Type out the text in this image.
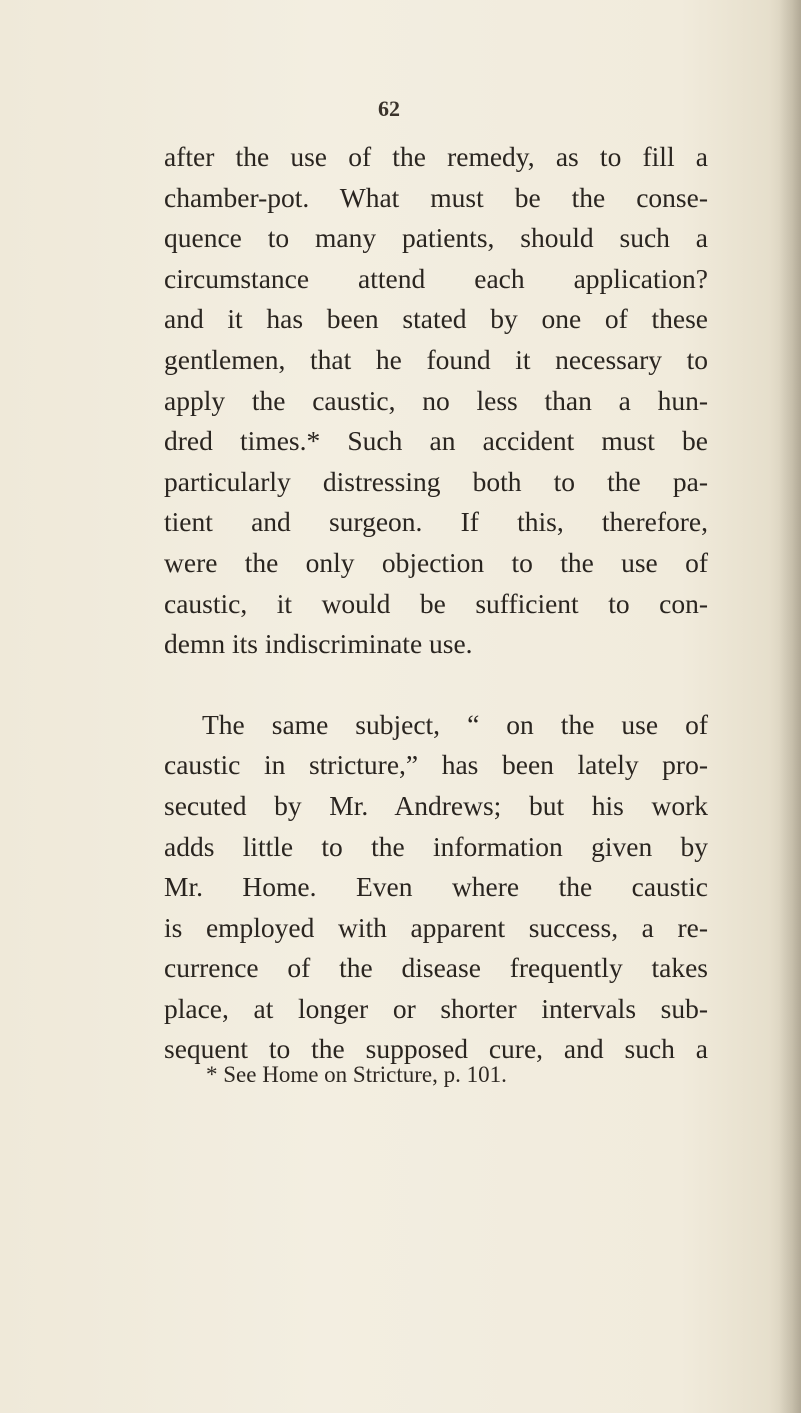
62
after the use of the remedy, as to fill a
chamber-pot. What must be the conse-
quence to many patients, should such a
circumstance attend each application?
and it has been stated by one of these
gentlemen, that he found it necessary to
apply the caustic, no less than a hun-
dred times.* Such an accident must be
particularly distressing both to the pa-
tient and surgeon. If this, therefore,
were the only objection to the use of
caustic, it would be sufficient to con-
demn its indiscriminate use.
The same subject, “ on the use of
caustic in stricture,” has been lately pro-
secuted by Mr. Andrews; but his work
adds little to the information given by
Mr. Home. Even where the caustic
is employed with apparent success, a re-
currence of the disease frequently takes
place, at longer or shorter intervals sub-
sequent to the supposed cure, and such a
* See Home on Stricture, p. 101.
